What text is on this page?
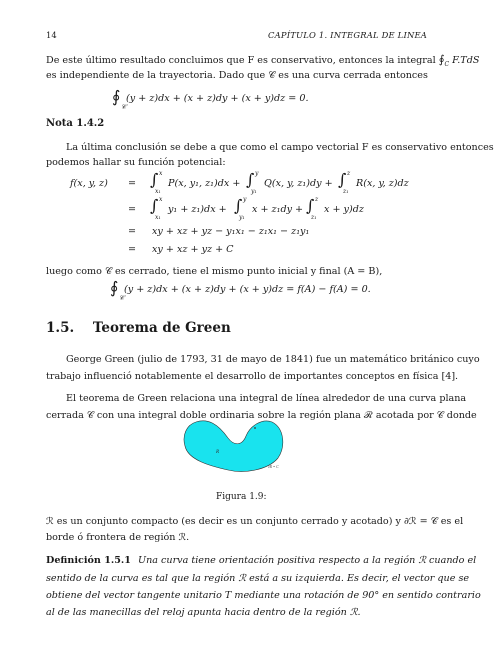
14	CAPÍTULO 1. INTEGRAL DE LINEA
De este último resultado concluimos que F es conservativo, entonces la integral $∮_C$ F.TdS
es independiente de la trayectoria. Dado que 𝒞 es una curva cerrada entonces
∮
𝒞
(y + z)dx + (x + z)dy + (x + y)dz = 0.
Nota 1.4.2
La última conclusión se debe a que como el campo vectorial F es conservativo entonces
podemos hallar su función potencial:
f(x, y, z) = ∫ x
x₁
P(x, y₁, z₁)dx + ∫ y
y₁
Q(x, y, z₁)dy + ∫ z
z₁
R(x, y, z)dz
= ∫ x
x₁
y₁ + z₁)dx + ∫ y
y₁
x + z₁dy + ∫ z
z₁
x + y)dz
= xy + xz + yz − y₁x₁ − z₁x₁ − z₁y₁
= xy + xz + yz + C
luego como 𝒞 es cerrado, tiene el mismo punto inicial y final (A = B),
∮
𝒞
(y + z)dx + (x + z)dy + (x + y)dz = f(A) − f(A) = 0.
1.5. Teorema de Green
George Green (julio de 1793, 31 de mayo de 1841) fue un matemático británico cuyo
trabajo influenció notablemente el desarrollo de importantes conceptos en física [4].
El teorema de Green relaciona una integral de línea alrededor de una curva plana
cerrada 𝒞 con una integral doble ordinaria sobre la región plana ℛ acotada por 𝒞 donde
R
∂R = C
Figura 1.9:
ℛ es un conjunto compacto (es decir es un conjunto cerrado y acotado) y ∂ℛ = 𝒞 es el
borde ó frontera de región ℛ.
Definición 1.5.1 Una curva tiene orientación positiva respecto a la región ℛ cuando el
sentido de la curva es tal que la región ℛ está a su izquierda. Es decir, el vector que se
obtiene del vector tangente unitario T mediante una rotación de 90° en sentido contrario
al de las manecillas del reloj apunta hacia dentro de la región ℛ.
